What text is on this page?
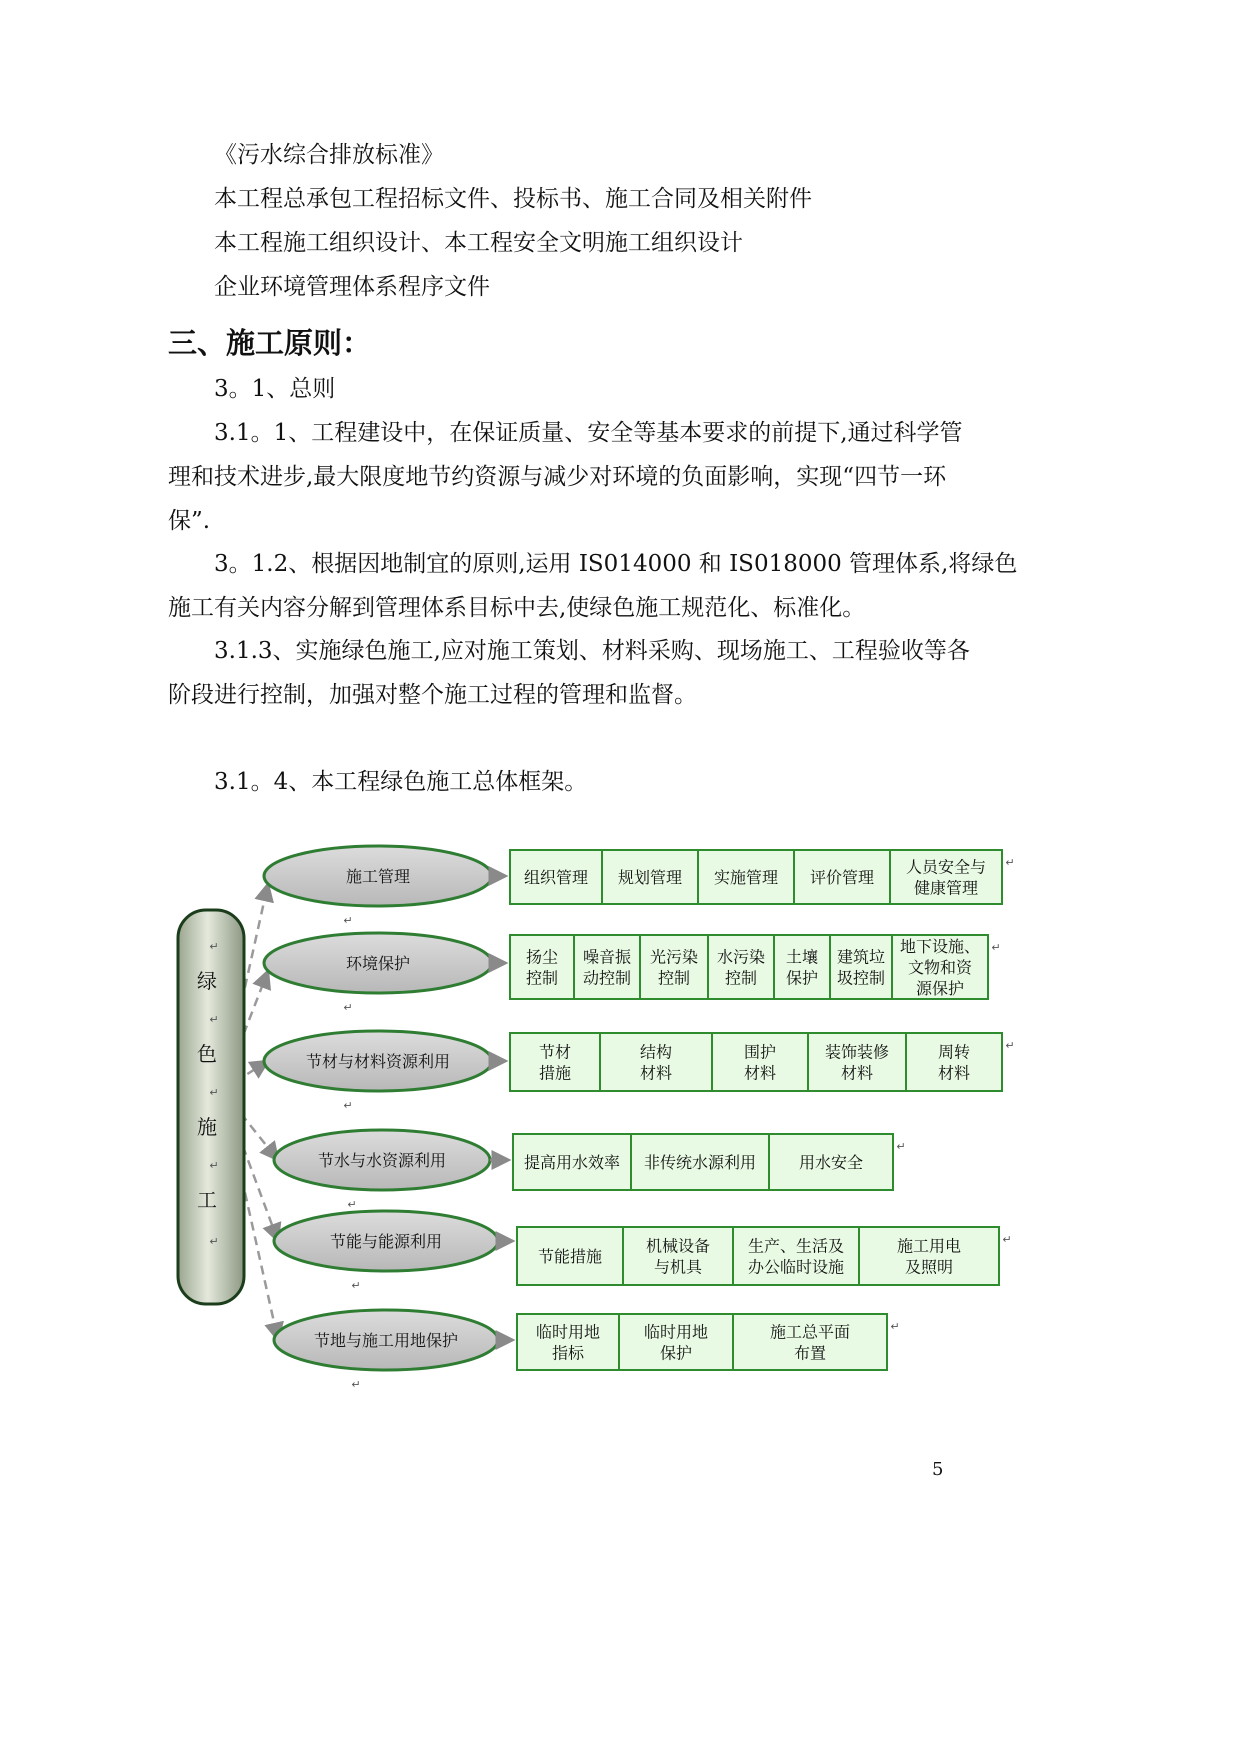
《污水综合排放标准》
本工程总承包工程招标文件、投标书、施工合同及相关附件
本工程施工组织设计、本工程安全文明施工组织设计
企业环境管理体系程序文件
三、施工原则：
3。1、总则
3.1。1、工程建设中，在保证质量、安全等基本要求的前提下,通过科学管
理和技术进步,最大限度地节约资源与减少对环境的负面影响，实现“四节一环
保”.
3。1.2、根据因地制宜的原则,运用 IS014000 和 IS018000 管理体系,将绿色
施工有关内容分解到管理体系目标中去,使绿色施工规范化、标准化。
3.1.3、实施绿色施工,应对施工策划、材料采购、现场施工、工程验收等各
阶段进行控制，加强对整个施工过程的管理和监督。
3.1。4、本工程绿色施工总体框架。
绿
↵
色
↵
施
↵
工
↵
↵
施工管理
↵
组织管理 规划管理 实施管理 评价管理
人员安全与
健康管理
↵
环境保护
↵
扬尘
控制
噪音振
动控制
光污染
控制
水污染
控制
土壤
保护
建筑垃
圾控制
地下设施、
文物和资
源保护
↵
节材与材料资源利用
↵
节材
措施
结构
材料
围护
材料
装饰装修
材料
周转
材料
↵
节水与水资源利用
↵
提高用水效率 非传统水源利用	用水安全
↵
节能与能源利用
↵
节能措施
机械设备
与机具
生产、生活及
办公临时设施
施工用电
及照明
↵
节地与施工用地保护
↵
临时用地
指标
临时用地
保护
施工总平面
布置
↵
5
